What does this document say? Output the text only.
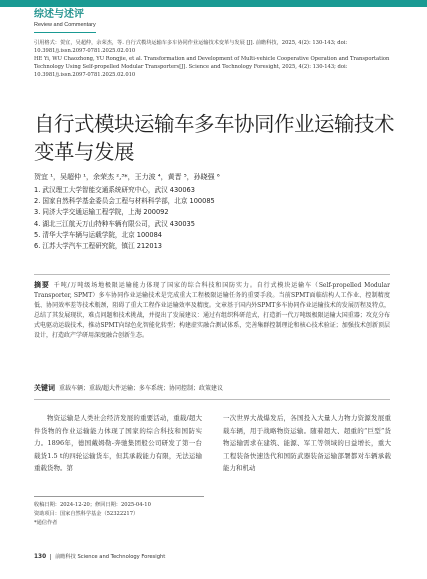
综述与述评
Review and Commentary
引用格式：贺宜，吴超仲，余荣杰，等. 自行式模块运输车多车协同作业运输技术变革与发展 [J]. 前瞻科技，2025, 4(2): 130-143; doi: 10.3981/j.issn.2097-0781.2025.02.010
HE Yi, WU Chaozhong, YU Rongjie, et al. Transformation and Development of Multi-vehicle Cooperative Operation and Transportation Technology Using Self-propelled Modular Transporters[J]. Science and Technology Foresight, 2025, 4(2): 130-143; doi: 10.3981/j.issn.2097-0781.2025.02.010
自行式模块运输车多车协同作业运输技术变革与发展
贺宜 ¹，吴超仲 ¹，余荣杰 ²,³*，王力波 ⁴，黄晋 ⁵，孙晓强 ⁶
1. 武汉理工大学智能交通系统研究中心，武汉 430063
2. 国家自然科学基金委员会工程与材料科学部，北京 100085
3. 同济大学交通运输工程学院，上海 200092
4. 湖北三江航天万山特种车辆有限公司，武汉 430035
5. 清华大学车辆与运载学院，北京 100084
6. 江苏大学汽车工程研究院，镇江 212013
摘要 千吨/万吨级场地极限运输能力体现了国家的综合科技和国防实力。自行式模块运输车（Self-propelled Modular Transporter, SPMT）多车协同作业运输技术是完成重大工程极限运输任务的重要手段。当前SPMT面临结构人工作业、控制精度低、协同效率差等技术瓶颈，阻碍了重大工程作业运输效率及精度。文章基于国内外SPMT多车协同作业运输技术的发展历程及特点，总结了其发展现状，难点问题和技术挑战，并提出了发展建议：通过有组织科研范式，打造新一代万吨级极限运输大国重器；攻克分布式电驱动运载技术，推动SPMT向绿色化智能化转型；构建虚实融合测试体系，完善集群控制理论和核心技术验证；加强技术创新顶层设计，打造政产学研用深度融合创新生态。
关键词 重载车辆；重载/超大件运输；多车系统；协同控制；政策建议
物资运输是人类社会经济发展的重要活动，重载/超大件货物的作业运输能力体现了国家的综合科技和国防实力。1896年，德国戴姆勒-奔驰集团般公司研发了第一台载货1.5 t的四轮运输货车，但其承载能力有限，无法运输重载货物。第
一次世界大战爆发后，各国投入大量人力物力资源发展重载车辆，用于战略物资运输。随着超大、超重的“巨型”货物运输需求在建筑、能源、军工等领域的日益增长，重大工程装备快速迭代和国防武器装备运输部署都对车辆承载能力和机动
收稿日期：2024-12-20；修回日期：2025-04-10
资助项目：国家自然科学基金（52322217）
*通信作者
130 前瞻科技 Science and Technology Foresight
